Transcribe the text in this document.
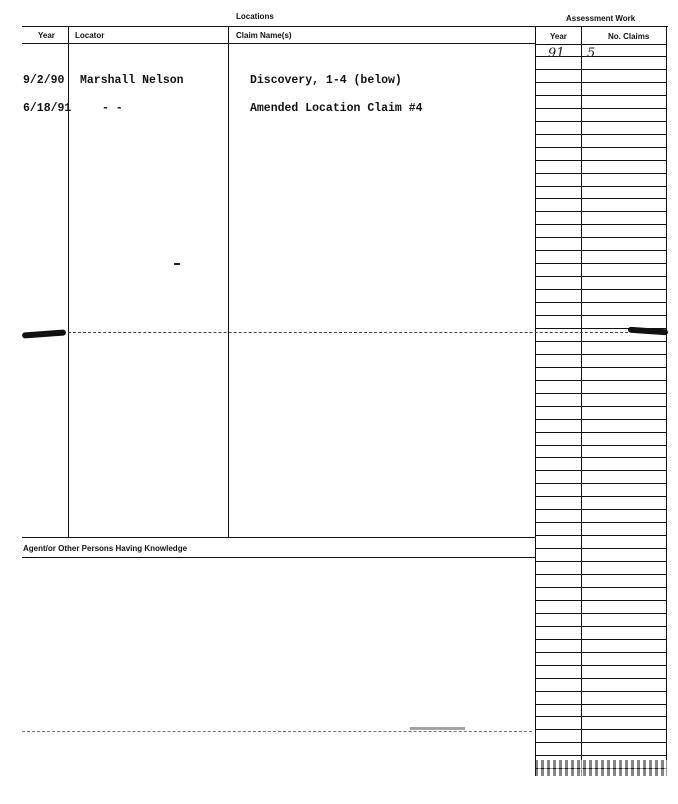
Locations	Assessment Work
Year	Locator	Claim Name(s)	Year	No. Claims
91 5
9/2/90 Marshall Nelson	Discovery, 1-4 (below)
6/18/91	- -	Amended Location Claim #4
Agent/or Other Persons Having Knowledge
